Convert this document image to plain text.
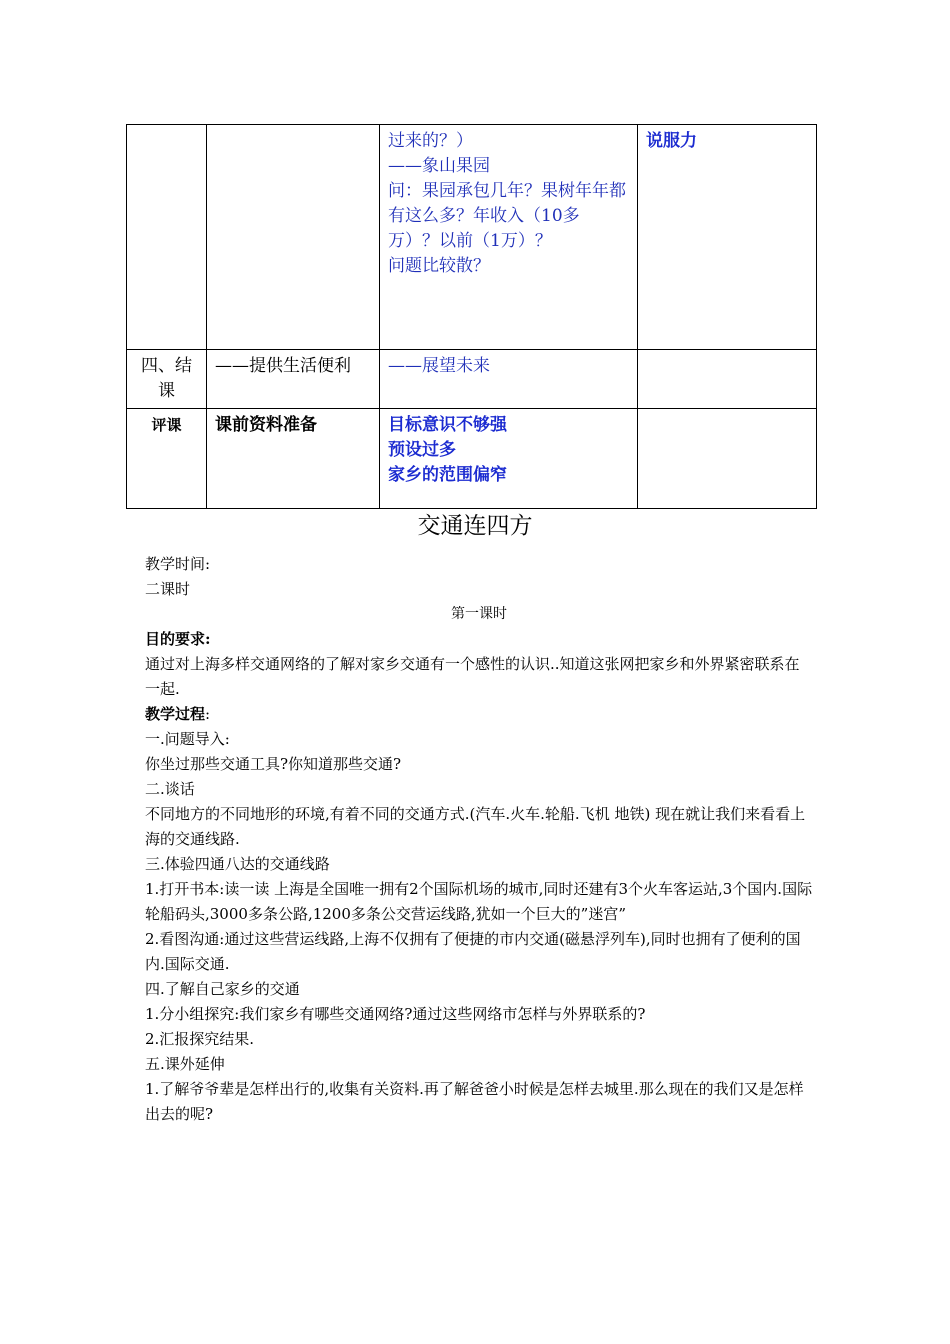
		过来的？）
——象山果园
问：果园承包几年？果树年年都有这么多？年收入（10多万）？以前（1万）？
问题比较散？	说服力
四、结课	——提供生活便利	——展望未来	
评课	课前资料准备	目标意识不够强
预设过多
家乡的范围偏窄	

交通连四方

教学时间:

二课时

第一课时

目的要求:

通过对上海多样交通网络的了解对家乡交通有一个感性的认识..知道这张网把家乡和外界紧密联系在一起.

教学过程:

一.问题导入:

你坐过那些交通工具?你知道那些交通?

二.谈话

不同地方的不同地形的环境,有着不同的交通方式.(汽车.火车.轮船.飞机 地铁) 现在就让我们来看看上海的交通线路.

三.体验四通八达的交通线路

1.打开书本:读一读 上海是全国唯一拥有2个国际机场的城市,同时还建有3个火车客运站,3个国内.国际轮船码头,3000多条公路,1200多条公交营运线路,犹如一个巨大的”迷宫”

2.看图沟通:通过这些营运线路,上海不仅拥有了便捷的市内交通(磁悬浮列车),同时也拥有了便利的国内.国际交通.

四.了解自己家乡的交通

1.分小组探究:我们家乡有哪些交通网络?通过这些网络市怎样与外界联系的?

2.汇报探究结果.

五.课外延伸

1.了解爷爷辈是怎样出行的,收集有关资料.再了解爸爸小时候是怎样去城里.那么现在的我们又是怎样出去的呢?
